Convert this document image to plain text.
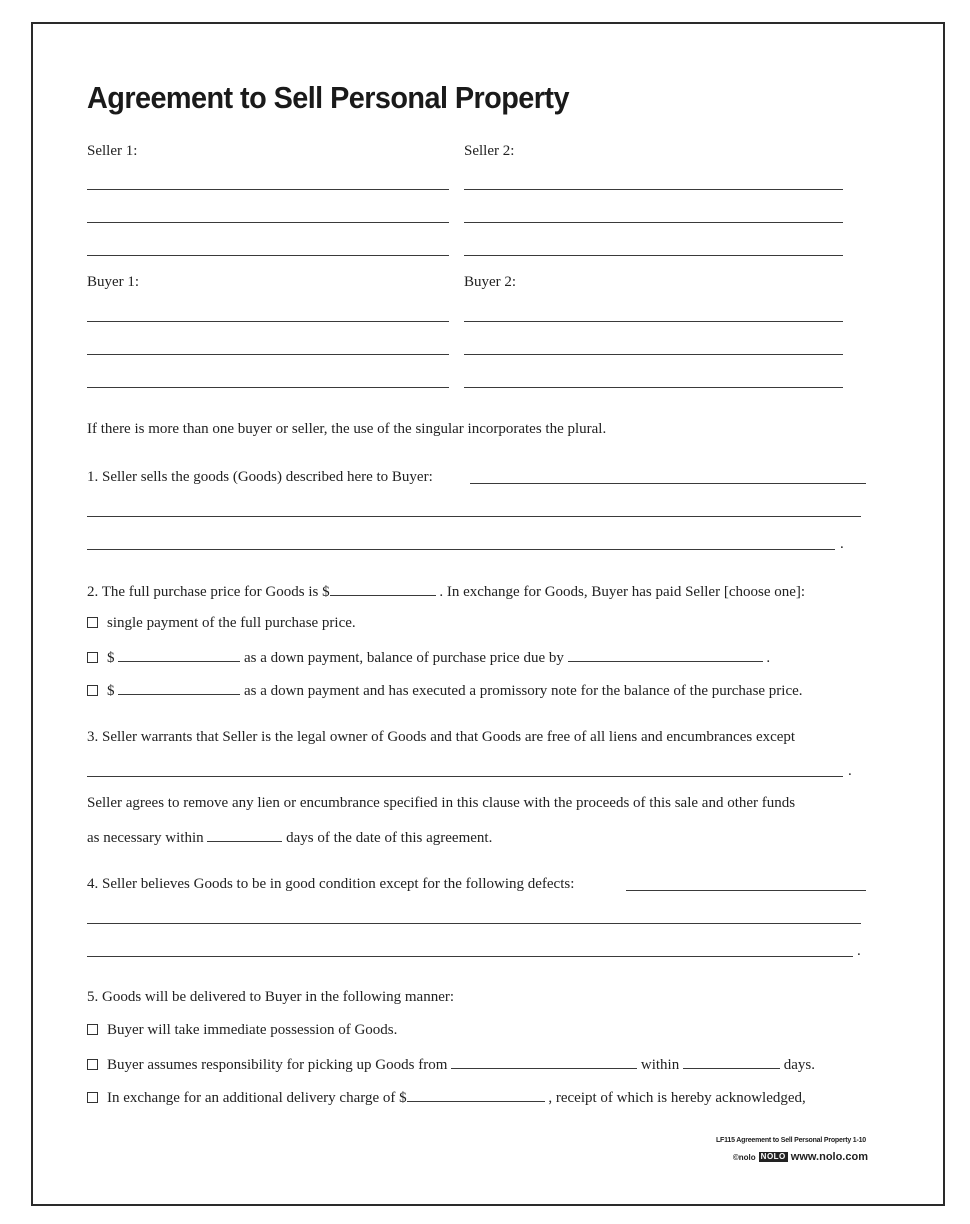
Agreement to Sell Personal Property
Seller 1:	Seller 2:
Buyer 1:	Buyer 2:
If there is more than one buyer or seller, the use of the singular incorporates the plural.
1. Seller sells the goods (Goods) described here to Buyer:
.
2. The full purchase price for Goods is $	. In exchange for Goods, Buyer has paid Seller [choose one]:
single payment of the full purchase price.
$	as a down payment, balance of purchase price due by	.
$	as a down payment and has executed a promissory note for the balance of the purchase price.
3. Seller warrants that Seller is the legal owner of Goods and that Goods are free of all liens and encumbrances except
.
Seller agrees to remove any lien or encumbrance specified in this clause with the proceeds of this sale and other funds
as necessary within	days of the date of this agreement.
4. Seller believes Goods to be in good condition except for the following defects:
.
5. Goods will be delivered to Buyer in the following manner:
Buyer will take immediate possession of Goods.
Buyer assumes responsibility for picking up Goods from	within	days.
In exchange for an additional delivery charge of $	, receipt of which is hereby acknowledged,
LF115 Agreement to Sell Personal Property 1-10
©nolo NOLO www.nolo.com
